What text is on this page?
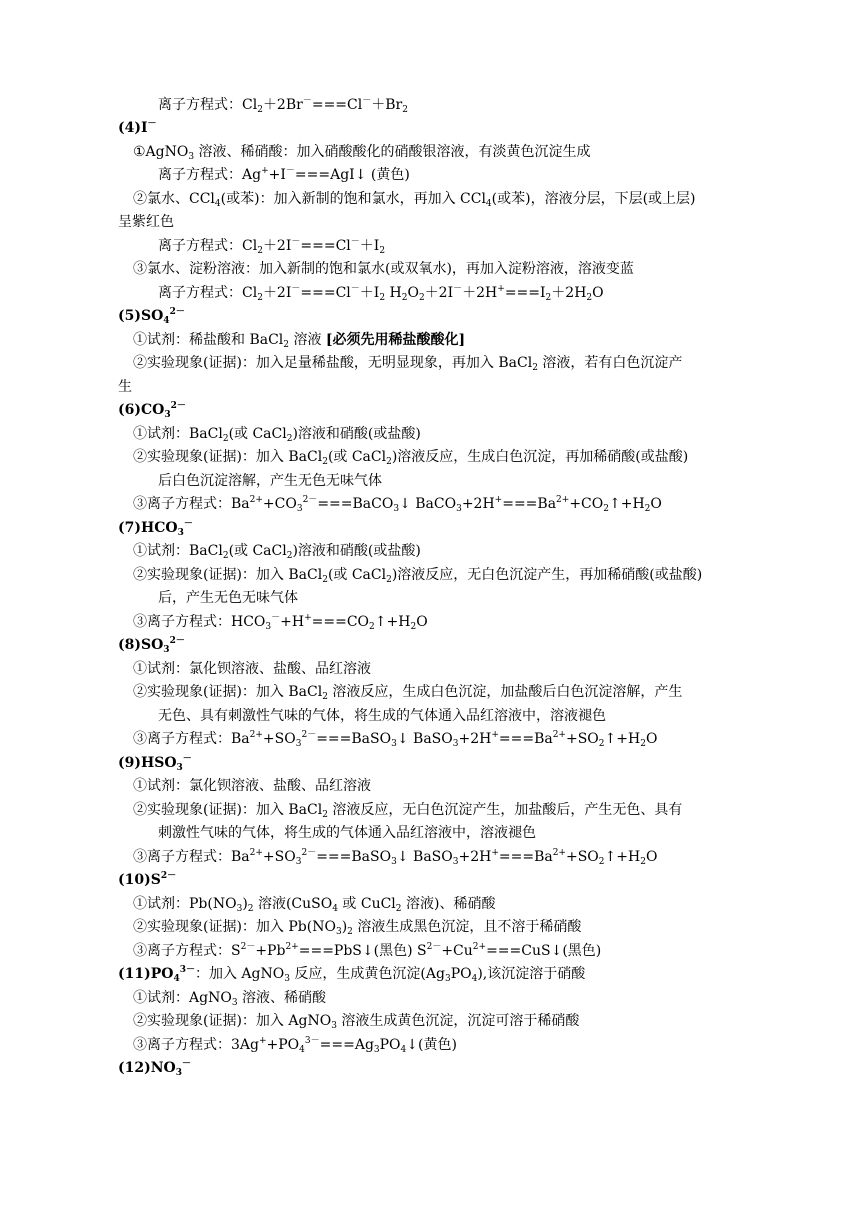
离子方程式：$Cl_2+2Br^-===Cl^-+Br_2$
(4)I－
①AgNO$_3$ 溶液、稀硝酸：加入硝酸酸化的硝酸银溶液，有淡黄色沉淀生成
离子方程式：Ag++I－===AgI↓ (黄色)
②氯水、CCl$_4$(或苯)：加入新制的饱和氯水，再加入 CCl$_4$(或苯)，溶液分层，下层(或上层)
呈紫红色
离子方程式：$Cl_2+2I^-===Cl^-+I_2$
③氯水、淀粉溶液：加入新制的饱和氯水(或双氧水)，再加入淀粉溶液，溶液变蓝
离子方程式：$Cl_2+2I^-===Cl^-+I_2$ $H_2O_2+2I^-+2H^+===I_2+2H_2O$
$(5)SO_4^{2-}$
①试剂：稀盐酸和 BaCl$_2$ 溶液 [必须先用稀盐酸酸化]
②实验现象(证据)：加入足量稀盐酸，无明显现象，再加入 BaCl$_2$ 溶液，若有白色沉淀产
生
$(6)CO_3^{2-}$
①试剂：BaCl$_2$(或 CaCl$_2$)溶液和硝酸(或盐酸)
②实验现象(证据)：加入 BaCl$_2$(或 CaCl$_2$)溶液反应，生成白色沉淀，再加稀硝酸(或盐酸)
后白色沉淀溶解，产生无色无味气体
③离子方程式：$Ba^{2+}+CO_3^{2-}===BaCO_3↓$ $BaCO_3+2H^+===Ba^{2+}+CO_2↑+H_2O$
$(7)HCO_3^-$
①试剂：BaCl$_2$(或 CaCl$_2$)溶液和硝酸(或盐酸)
②实验现象(证据)：加入 BaCl$_2$(或 CaCl$_2$)溶液反应，无白色沉淀产生，再加稀硝酸(或盐酸)
后，产生无色无味气体
③离子方程式：$HCO_3^-+H^+===CO_2↑+H_2O$
$(8)SO_3^{2-}$
①试剂：氯化钡溶液、盐酸、品红溶液
②实验现象(证据)：加入 BaCl$_2$ 溶液反应，生成白色沉淀，加盐酸后白色沉淀溶解，产生
无色、具有刺激性气味的气体，将生成的气体通入品红溶液中，溶液褪色
③离子方程式：$Ba^{2+}+SO_3^{2-}===BaSO_3↓$ $BaSO_3+2H^+===Ba^{2+}+SO_2↑+H_2O$
$(9)HSO_3^-$
①试剂：氯化钡溶液、盐酸、品红溶液
②实验现象(证据)：加入 BaCl$_2$ 溶液反应，无白色沉淀产生，加盐酸后，产生无色、具有
刺激性气味的气体，将生成的气体通入品红溶液中，溶液褪色
③离子方程式：$Ba^{2+}+SO_3^{2-}===BaSO_3↓$ $BaSO_3+2H^+===Ba^{2+}+SO_2↑+H_2O$
$(10)S^{2-}$
①试剂：$Pb(NO_3)_2$ 溶液(CuSO$_4$ 或 CuCl$_2$ 溶液)、稀硝酸
②实验现象(证据)：加入 $Pb(NO_3)_2$ 溶液生成黑色沉淀，且不溶于稀硝酸
③离子方程式：$S^{2-}+Pb^{2+}===PbS↓$(黑色) $S^{2-}+Cu^{2+}===CuS↓$(黑色)
$(11)PO_4^{3-}$：加入 AgNO$_3$ 反应，生成黄色沉淀$(Ag_3PO_4)$,该沉淀溶于硝酸
①试剂：AgNO$_3$ 溶液、稀硝酸
②实验现象(证据)：加入 AgNO$_3$ 溶液生成黄色沉淀，沉淀可溶于稀硝酸
③离子方程式：$3Ag^++PO_4^{3-}===Ag_3PO_4↓$(黄色)
$(12)NO_3^-$
